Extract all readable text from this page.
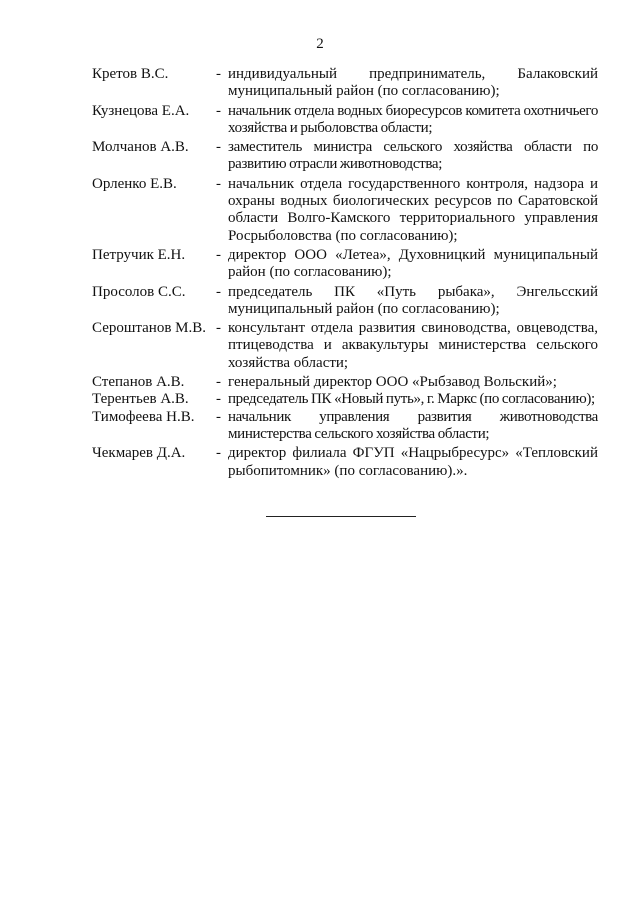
2
Кретов В.С.	- индивидуальный предприниматель, Балаковский муниципальный район (по согласованию);
Кузнецова Е.А.	- начальник отдела водных биоресурсов комитета охотничьего хозяйства и рыболовства области;
Молчанов А.В.	- заместитель министра сельского хозяйства области по развитию отрасли животноводства;
Орленко Е.В.	- начальник отдела государственного контроля, надзора и охраны водных биологических ресурсов по Саратовской области Волго-Камского территориального управления Росрыболовства (по согласованию);
Петручик Е.Н.	- директор ООО «Летеа», Духовницкий муниципальный район (по согласованию);
Просолов С.С.	- председатель ПК «Путь рыбака», Энгельсский муниципальный район (по согласованию);
Сероштанов М.В. - консультант отдела развития свиноводства, овцеводства, птицеводства и аквакультуры министерства сельского хозяйства области;
Степанов А.В.	- генеральный директор ООО «Рыбзавод Вольский»;
Терентьев А.В.	- председатель ПК «Новый путь», г. Маркс (по согласованию);
Тимофеева Н.В.	- начальник управления развития животноводства министерства сельского хозяйства области;
Чекмарев Д.А.	- директор филиала ФГУП «Нацрыбресурс» «Тепловский рыбопитомник» (по согласованию).».
